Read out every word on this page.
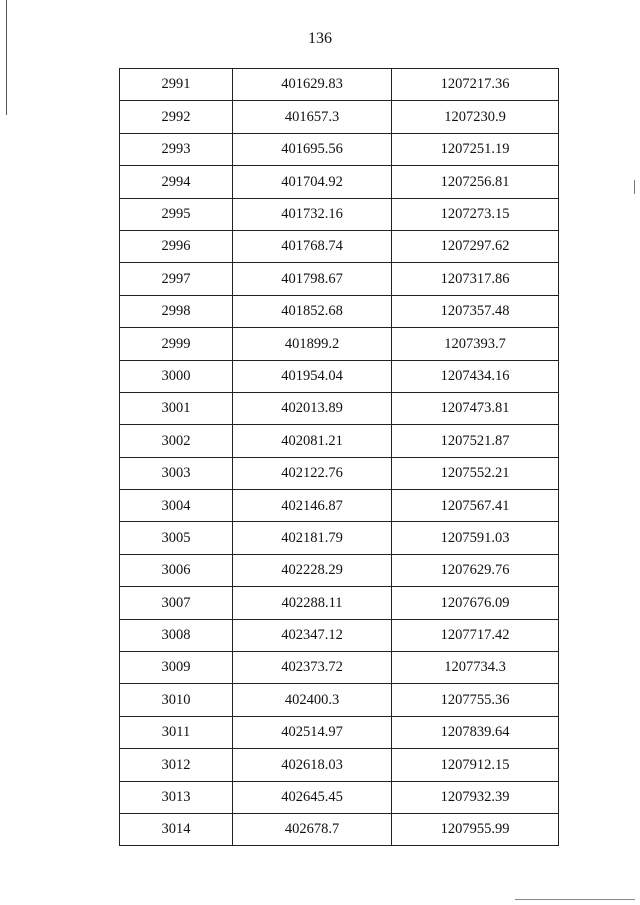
136
2991	401629.83	1207217.36
2992	401657.3	1207230.9
2993	401695.56	1207251.19
2994	401704.92	1207256.81
2995	401732.16	1207273.15
2996	401768.74	1207297.62
2997	401798.67	1207317.86
2998	401852.68	1207357.48
2999	401899.2	1207393.7
3000	401954.04	1207434.16
3001	402013.89	1207473.81
3002	402081.21	1207521.87
3003	402122.76	1207552.21
3004	402146.87	1207567.41
3005	402181.79	1207591.03
3006	402228.29	1207629.76
3007	402288.11	1207676.09
3008	402347.12	1207717.42
3009	402373.72	1207734.3
3010	402400.3	1207755.36
3011	402514.97	1207839.64
3012	402618.03	1207912.15
3013	402645.45	1207932.39
3014	402678.7	1207955.99
